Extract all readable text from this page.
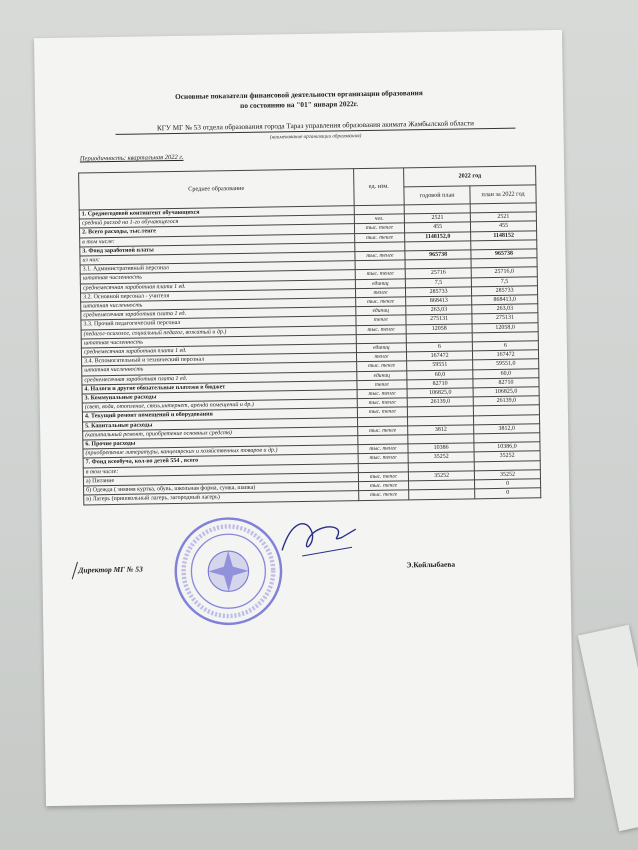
Основные показатели финансовой деятельности организации образования
по состоянию на "01" января 2022г.
КГУ МГ № 53 отдела образования города Тараз управления образования акимата Жамбылской области
(наименование организации образования)
Периодичность: квартальная 2022 г.
Среднее образование	ед. изм.	2022 год	
		годовой план	план за 2022 год
1. Среднегодовой контингент обучающихся			
средний расход на 1-го обучающегося	чел.	2521	2521
2. Всего расходы, тыс.тенге	тыс. тенге	455	455
в том числе:	тыс. тенге	1148152,0	1148152
3. Фонд заработной платы			
из них:	тыс. тенге	965738	965738
3.1. Административный персонал			
штатная численность	тыс. тенге	25716	25716,0
среднемесячная заработная плата 1 ед.	единиц	7,5	7,5
3.2. Основной персонал - учителя	тенге	285733	285733
штатная численность	тыс. тенге	868413	868413,0
среднемесячная заработная плата 1 ед.	единиц	263,03	263,03
3.3. Прочий педагогический персонал	тенге	275131	275131
(педагог-психолог, социальный педагог, вожатый и др.)	тыс. тенге	12058	12058,0
штатная численность			
среднемесячная заработная плата 1 ед.	единиц	6	6
3.4. Вспомогательный и технический персонал	тенге	167472	167472
штатная численность	тыс. тенге	59551	59551,0
среднемесячная заработная плата 1 ед.	единиц	60,0	60,0
4. Налоги и другие обязательные платежи в бюджет	тенге	82710	82710
3. Коммунальные расходы	тыс. тенге	106825,0	106825,0
(свет, вода, отопление, связь,интернет, аренда помещений и др.)	тыс. тенге	26139,0	26139,0
4. Текущий ремонт помещений и оборудования	тыс. тенге		
5. Капитальные расходы			
(капитальный ремонт, приобретение основных средств)	тыс. тенге	3812	3812,0
6. Прочие расходы			
(приобретение литературы, канцелярских и хозяйственных товаров и др.)	тыс. тенге	10386	10386,0
7. Фонд всеобуча, кол-во детей 554 , всего	тыс. тенге	35252	35252
в том числе:			
а) Питание	тыс. тенге	35252	35252
б) Одежда ( зимняя куртка, обувь, школьная форма, сумка, шапка)	тыс. тенге		0
в) Лагерь (пришкольный лагерь, загородный лагерь)	тыс. тенге		0
Директор МГ № 53
Э.Койлыбаева
